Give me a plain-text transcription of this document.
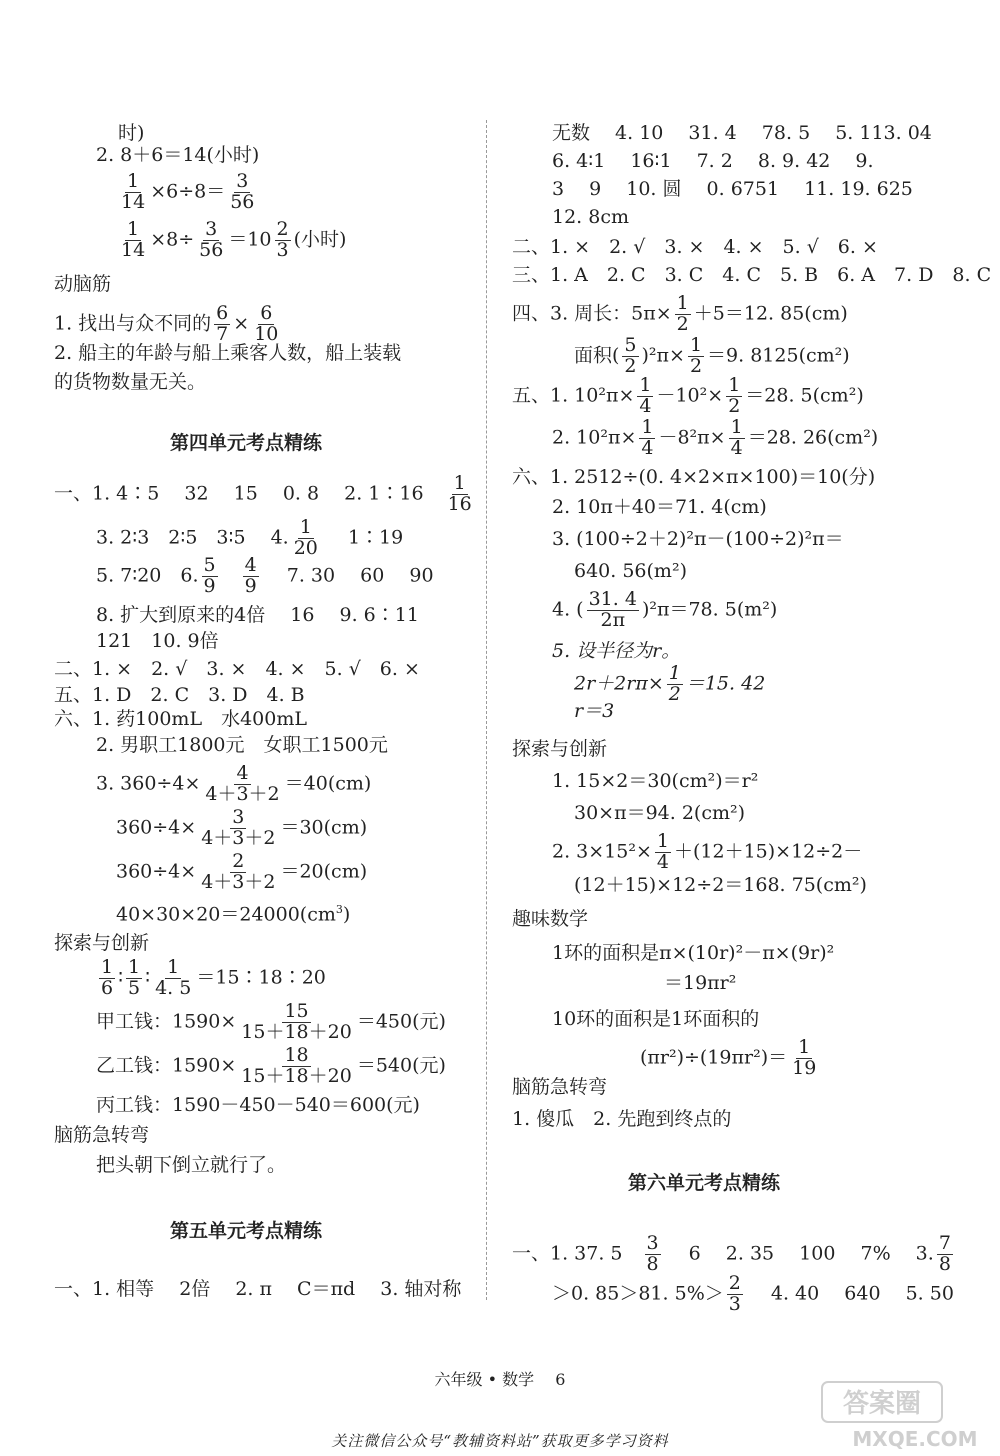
时)
2. 8＋6＝14(小时)
$\frac{1}{14} \times 6\div 8= \frac{3}{56}$
$\frac{1}{14} \times 8\div \frac{3}{56} =10 \frac{2}{3}$ (小时)
动脑筋
1. 找出与众不同的 $\frac{6}{7} \times \frac{6}{10}$
2. 船主的年龄与船上乘客人数，船上装载
的货物数量无关。
第四单元考点精练
一、1. 4∶5　 32　 15　 0. 8　 2. 1∶16　 $\frac{1}{16}$
3. 2∶3　2∶5　3∶5　 4. $\frac{1}{20}$
　 1∶19
5. 7∶20　6. $\frac{5}{9}$
　 $\frac{4}{9}$
　 7. 30　 60　 90
8. 扩大到原来的4倍　 16　 9. 6∶11
121　10. 9倍
二、1. ×　2. √　3. ×　4. ×　5. √　6. ×
五、1. D　2. C　3. D　4. B
六、1. 药100mL　水400mL
2. 男职工1800元　女职工1500元
3. $360\div 4\times \frac{4}{4+3+2} =40(cm)$
$360\div 4\times \frac{3}{4+3+2} =30(cm)$
$360\div 4\times \frac{2}{4+3+2} =20(cm)$
$40\times 30\times 20=24000(cm^3)$
探索与创新
$\frac{1}{6}$ ∶ $\frac{1}{5}$ ∶ $\frac{1}{4. 5}$ ＝15∶18∶20
甲工钱：$1590\times \frac{15}{15+18+20} =450$(元)
乙工钱：$1590\times \frac{18}{15+18+20} =540$(元)
丙工钱：1590－450－540＝600(元)
脑筋急转弯
把头朝下倒立就行了。
第五单元考点精练
一、1. 相等　 2倍　 2. π　 C＝πd　 3. 轴对称
无数　 4. 10　 31. 4　 78. 5　 5. 113. 04
6. 4∶1　 16∶1　 7. 2　 8. 9. 42　 9.
3　 9　 10. 圆　 0. 6751　 11. 19. 625
12. 8cm
二、1. ×　2. √　3. ×　4. ×　5. √　6. ×
三、1. A　2. C　3. C　4. C　5. B　6. A　7. D　8. C
四、3. 周长：$5\pi\times \frac{1}{2} +5=12$. 85(cm)
面积( $\frac{5}{2} )^2\pi\times \frac{1}{2} =9$. 8125(cm²)
五、1. $10^2\pi\times \frac{1}{4} -10^2\times \frac{1}{2} =28$. 5(cm²)
2. $10^2\pi\times \frac{1}{4} -8^2\pi\times \frac{1}{4} =28$. 26(cm²)
六、1. 2512÷(0. 4×2×π×100)＝10(分)
2. 10π＋40＝71. 4(cm)
3. (100÷2＋2)²π－(100÷2)²π＝
640. 56(m²)
4. ( $\frac{31. 4}{2\pi} )^2\pi=78$. 5(m²)
5. 设半径为r。
$2r+2r\pi\times \frac{1}{2} =15$. 42
r＝3
探索与创新
1. 15×2＝30(cm²)＝r²
30×π＝94. 2(cm²)
2. $3\times 15^2\times \frac{1}{4} +(12+15)\times 12\div 2-$
(12＋15)×12÷2＝168. 75(cm²)
趣味数学
1环的面积是π×(10r)²－π×(9r)²
＝19πr²
10环的面积是1环面积的
$(\pi r^2)\div(19\pi r^2)= \frac{1}{19}$
脑筋急转弯
1. 傻瓜　2. 先跑到终点的
第六单元考点精练
一、1. 37. 5　 $\frac{3}{8}$
　 6　 2. 35　 100　 7%　 3. $\frac{7}{8}$
＞0. 85＞81. $5\%> \frac{2}{3}$
　 4. 40　 640　 5. 50
六年级 • 数学　 6
答案圈
MXQE.COM
关注微信公众号“教辅资料站”获取更多学习资料
